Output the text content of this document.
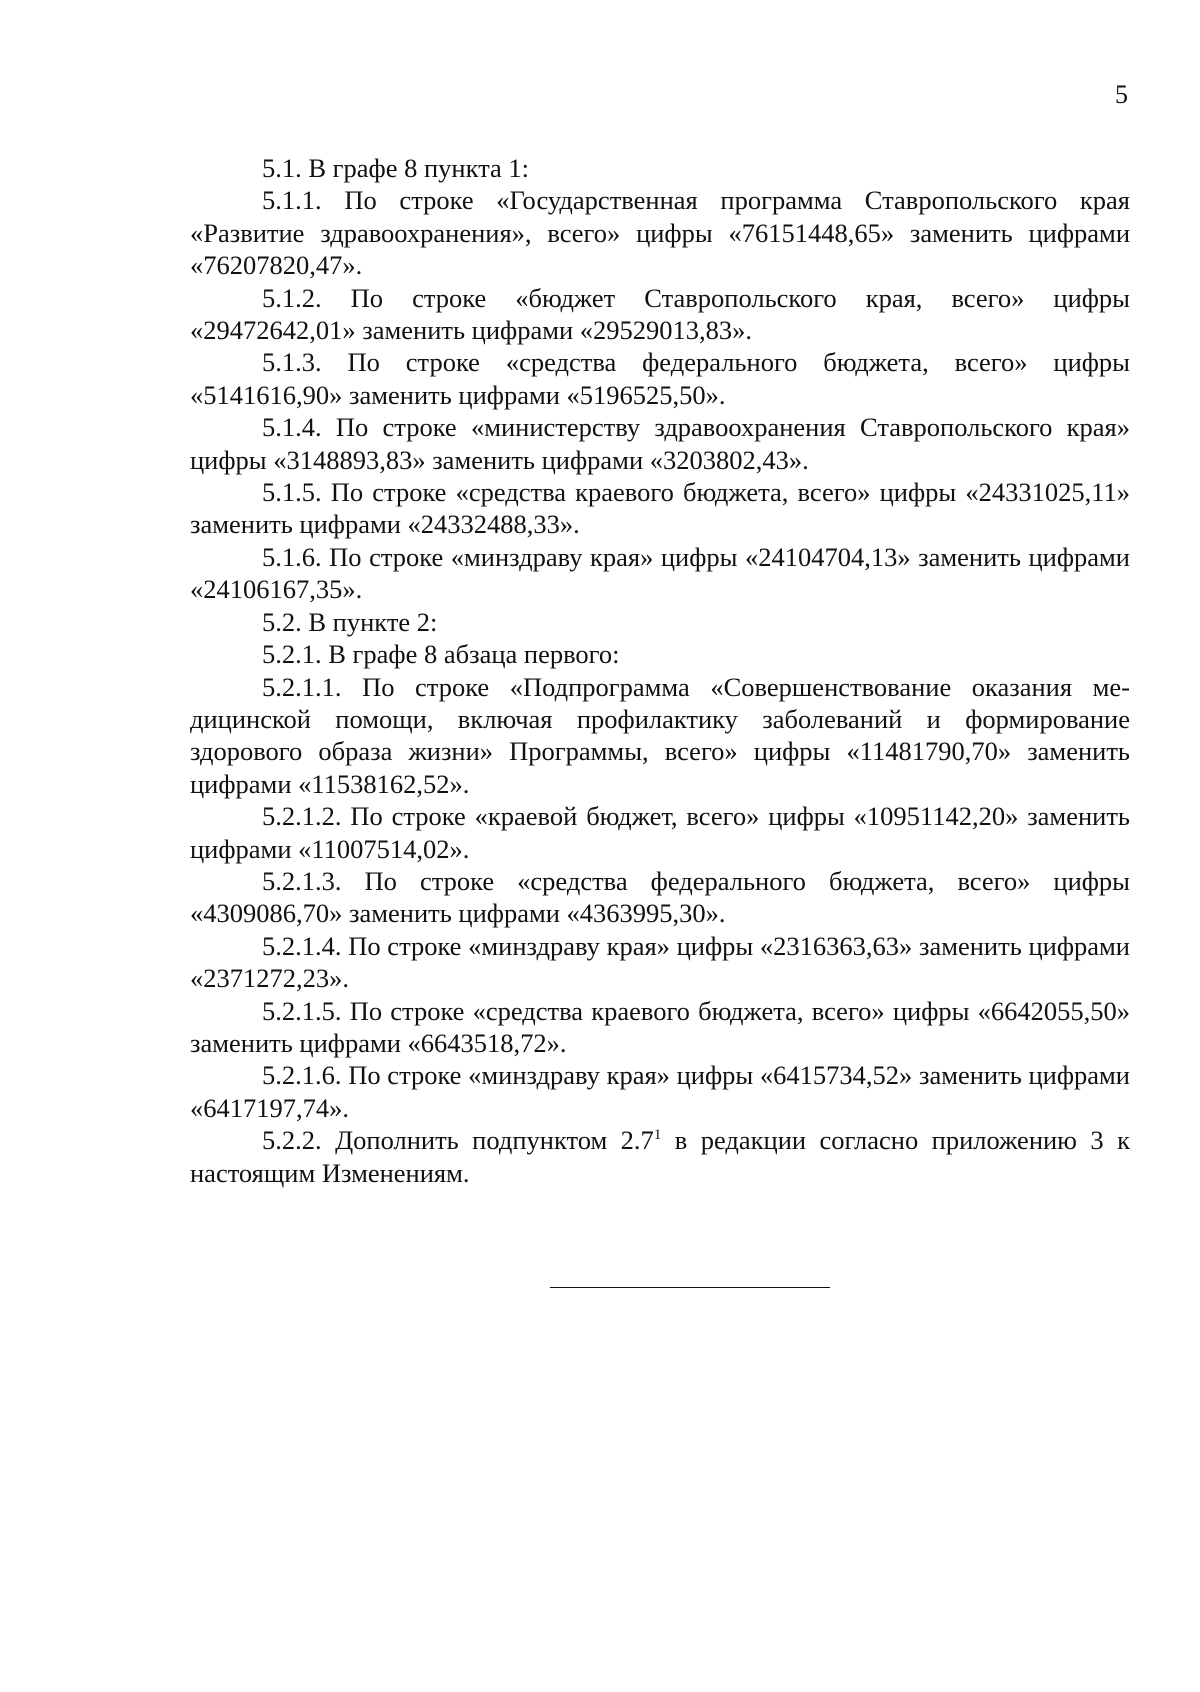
5

5.1. В графе 8 пункта 1:

5.1.1. По строке «Государственная программа Ставропольского края «Развитие здравоохранения», всего» цифры «76151448,65» заменить цифрами «76207820,47».

5.1.2. По строке «бюджет Ставропольского края, всего» цифры «29472642,01» заменить цифрами «29529013,83».

5.1.3. По строке «средства федерального бюджета, всего» цифры «5141616,90» заменить цифрами «5196525,50».

5.1.4. По строке «министерству здравоохранения Ставропольского края» цифры «3148893,83» заменить цифрами «3203802,43».

5.1.5. По строке «средства краевого бюджета, всего» цифры «24331025,11» заменить цифрами «24332488,33».

5.1.6. По строке «минздраву края» цифры «24104704,13» заменить цифрами «24106167,35».

5.2. В пункте 2:

5.2.1. В графе 8 абзаца первого:

5.2.1.1. По строке «Подпрограмма «Совершенствование оказания медицинской помощи, включая профилактику заболеваний и формирование здорового образа жизни» Программы, всего» цифры «11481790,70» заменить цифрами «11538162,52».

5.2.1.2. По строке «краевой бюджет, всего» цифры «10951142,20» заменить цифрами «11007514,02».

5.2.1.3. По строке «средства федерального бюджета, всего» цифры «4309086,70» заменить цифрами «4363995,30».

5.2.1.4. По строке «минздраву края» цифры «2316363,63» заменить цифрами «2371272,23».

5.2.1.5. По строке «средства краевого бюджета, всего» цифры «6642055,50» заменить цифрами «6643518,72».

5.2.1.6. По строке «минздраву края» цифры «6415734,52» заменить цифрами «6417197,74».

5.2.2. Дополнить подпунктом 2.7$^1$ в редакции согласно приложению 3 к настоящим Изменениям.
